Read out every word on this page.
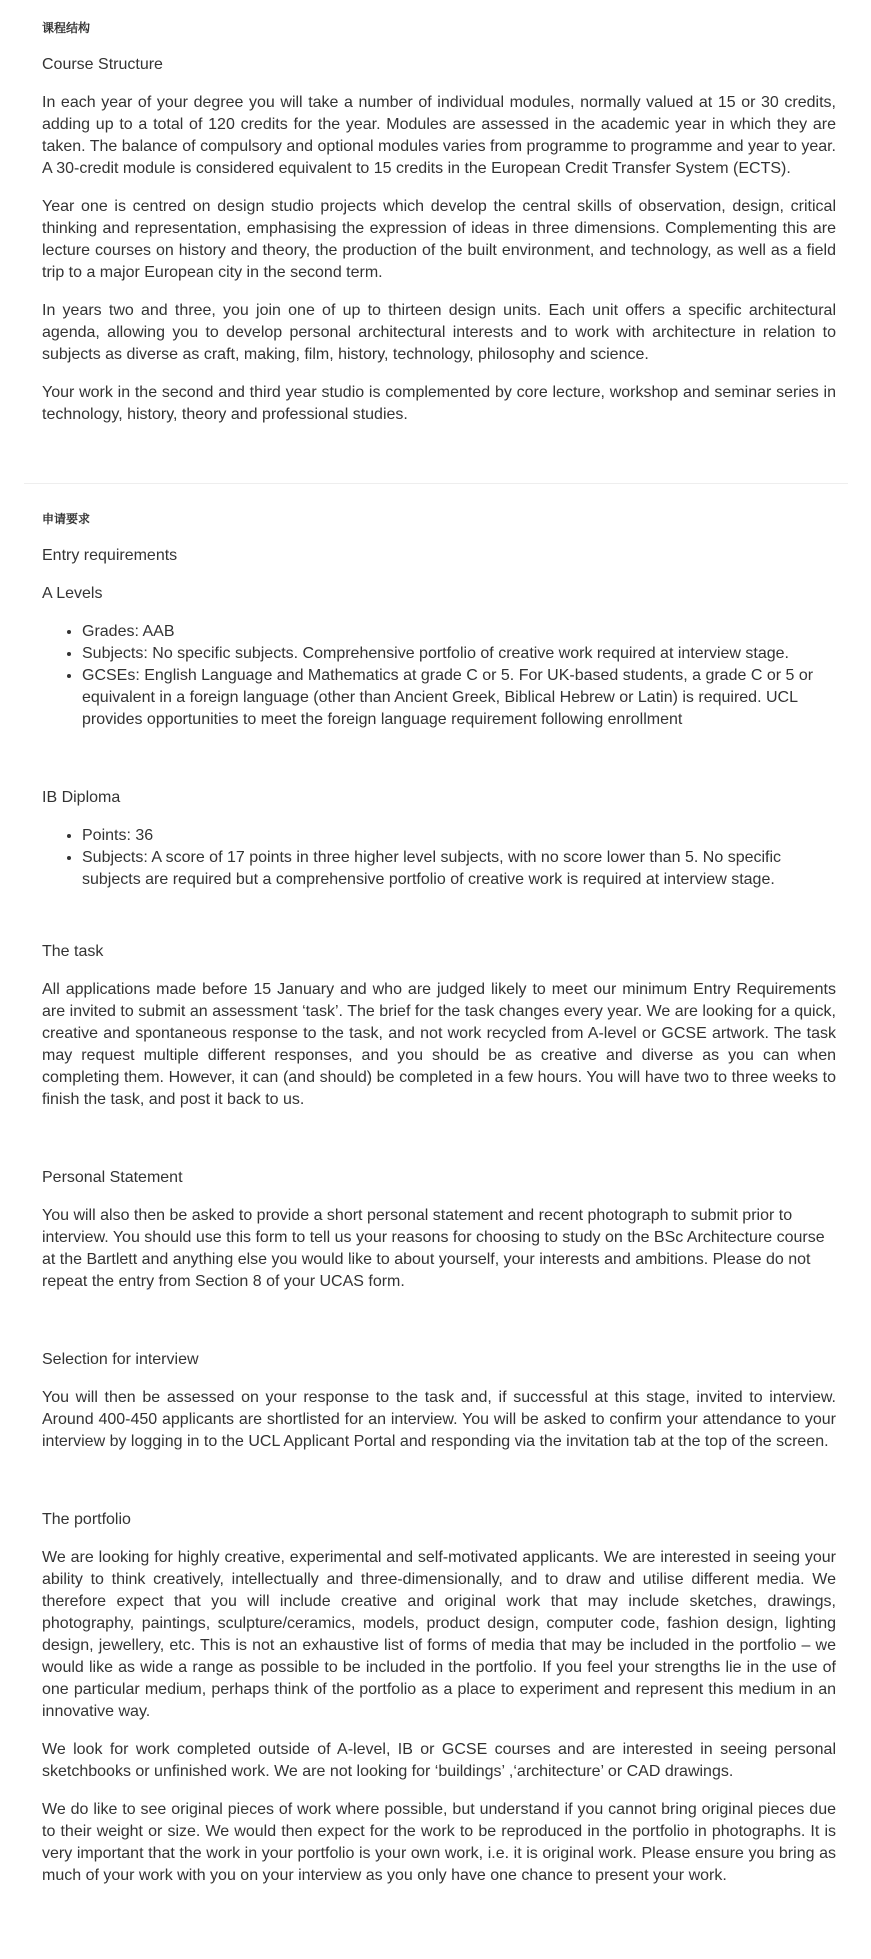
课程结构

Course Structure

In each year of your degree you will take a number of individual modules, normally valued at 15 or 30 credits, adding up to a total of 120 credits for the year. Modules are assessed in the academic year in which they are taken. The balance of compulsory and optional modules varies from programme to programme and year to year. A 30-credit module is considered equivalent to 15 credits in the European Credit Transfer System (ECTS).

Year one is centred on design studio projects which develop the central skills of observation, design, critical thinking and representation, emphasising the expression of ideas in three dimensions. Complementing this are lecture courses on history and theory, the production of the built environment, and technology, as well as a field trip to a major European city in the second term.

In years two and three, you join one of up to thirteen design units. Each unit offers a specific architectural agenda, allowing you to develop personal architectural interests and to work with architecture in relation to subjects as diverse as craft, making, film, history, technology, philosophy and science.

Your work in the second and third year studio is complemented by core lecture, workshop and seminar series in technology, history, theory and professional studies.

申请要求

Entry requirements

A Levels

• Grades: AAB
• Subjects: No specific subjects. Comprehensive portfolio of creative work required at interview stage.
• GCSEs: English Language and Mathematics at grade C or 5. For UK-based students, a grade C or 5 or equivalent in a foreign language (other than Ancient Greek, Biblical Hebrew or Latin) is required. UCL provides opportunities to meet the foreign language requirement following enrollment

IB Diploma

• Points: 36
• Subjects: A score of 17 points in three higher level subjects, with no score lower than 5. No specific subjects are required but a comprehensive portfolio of creative work is required at interview stage.

The task

All applications made before 15 January and who are judged likely to meet our minimum Entry Requirements are invited to submit an assessment ‘task’. The brief for the task changes every year. We are looking for a quick, creative and spontaneous response to the task, and not work recycled from A-level or GCSE artwork. The task may request multiple different responses, and you should be as creative and diverse as you can when completing them. However, it can (and should) be completed in a few hours. You will have two to three weeks to finish the task, and post it back to us.

Personal Statement

You will also then be asked to provide a short personal statement and recent photograph to submit prior to interview. You should use this form to tell us your reasons for choosing to study on the BSc Architecture course at the Bartlett and anything else you would like to about yourself, your interests and ambitions. Please do not repeat the entry from Section 8 of your UCAS form.

Selection for interview

You will then be assessed on your response to the task and, if successful at this stage, invited to interview. Around 400-450 applicants are shortlisted for an interview. You will be asked to confirm your attendance to your interview by logging in to the UCL Applicant Portal and responding via the invitation tab at the top of the screen.

The portfolio

We are looking for highly creative, experimental and self-motivated applicants. We are interested in seeing your ability to think creatively, intellectually and three-dimensionally, and to draw and utilise different media. We therefore expect that you will include creative and original work that may include sketches, drawings, photography, paintings, sculpture/ceramics, models, product design, computer code, fashion design, lighting design, jewellery, etc. This is not an exhaustive list of forms of media that may be included in the portfolio – we would like as wide a range as possible to be included in the portfolio. If you feel your strengths lie in the use of one particular medium, perhaps think of the portfolio as a place to experiment and represent this medium in an innovative way.

We look for work completed outside of A-level, IB or GCSE courses and are interested in seeing personal sketchbooks or unfinished work. We are not looking for ‘buildings’ ,‘architecture’ or CAD drawings.

We do like to see original pieces of work where possible, but understand if you cannot bring original pieces due to their weight or size. We would then expect for the work to be reproduced in the portfolio in photographs. It is very important that the work in your portfolio is your own work, i.e. it is original work. Please ensure you bring as much of your work with you on your interview as you only have one chance to present your work.
